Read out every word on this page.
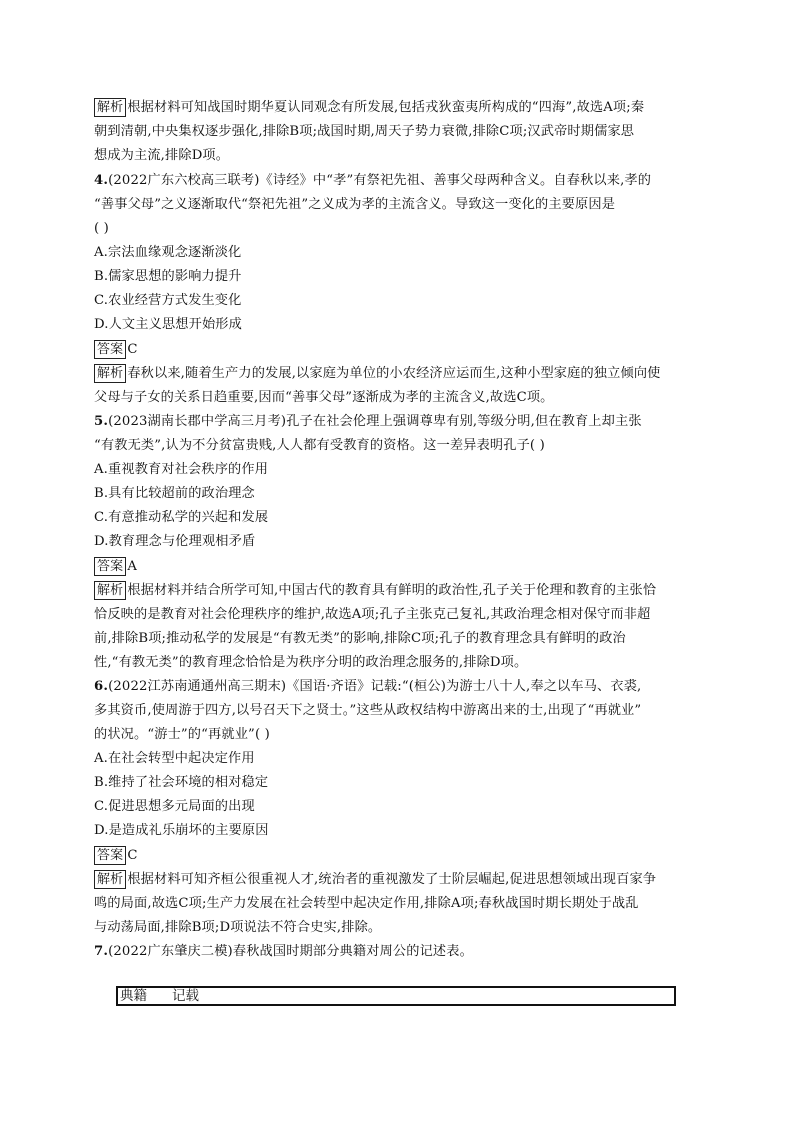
解析 根据材料可知战国时期华夏认同观念有所发展,包括戎狄蛮夷所构成的“四海”,故选A项;秦
朝到清朝,中央集权逐步强化,排除B项;战国时期,周天子势力衰微,排除C项;汉武帝时期儒家思
想成为主流,排除D项。
4.(2022广东六校高三联考)《诗经》中“孝”有祭祀先祖、善事父母两种含义。自春秋以来,孝的
“善事父母”之义逐渐取代“祭祀先祖”之义成为孝的主流含义。导致这一变化的主要原因是
( )
A.宗法血缘观念逐渐淡化
B.儒家思想的影响力提升
C.农业经营方式发生变化
D.人文主义思想开始形成
答案 C
解析 春秋以来,随着生产力的发展,以家庭为单位的小农经济应运而生,这种小型家庭的独立倾向使
父母与子女的关系日趋重要,因而“善事父母”逐渐成为孝的主流含义,故选C项。
5.(2023湖南长郡中学高三月考)孔子在社会伦理上强调尊卑有别,等级分明,但在教育上却主张
“有教无类”,认为不分贫富贵贱,人人都有受教育的资格。这一差异表明孔子( )
A.重视教育对社会秩序的作用
B.具有比较超前的政治理念
C.有意推动私学的兴起和发展
D.教育理念与伦理观相矛盾
答案 A
解析 根据材料并结合所学可知,中国古代的教育具有鲜明的政治性,孔子关于伦理和教育的主张恰
恰反映的是教育对社会伦理秩序的维护,故选A项;孔子主张克己复礼,其政治理念相对保守而非超
前,排除B项;推动私学的发展是“有教无类”的影响,排除C项;孔子的教育理念具有鲜明的政治
性,“有教无类”的教育理念恰恰是为秩序分明的政治理念服务的,排除D项。
6.(2022江苏南通通州高三期末)《国语·齐语》记载:“(桓公)为游士八十人,奉之以车马、衣裘,
多其资币,使周游于四方,以号召天下之贤士。”这些从政权结构中游离出来的士,出现了“再就业”
的状况。“游士”的“再就业”( )
A.在社会转型中起决定作用
B.维持了社会环境的相对稳定
C.促进思想多元局面的出现
D.是造成礼乐崩坏的主要原因
答案 C
解析 根据材料可知齐桓公很重视人才,统治者的重视激发了士阶层崛起,促进思想领域出现百家争
鸣的局面,故选C项;生产力发展在社会转型中起决定作用,排除A项;春秋战国时期长期处于战乱
与动荡局面,排除B项;D项说法不符合史实,排除。
7.(2022广东肇庆二模)春秋战国时期部分典籍对周公的记述表。
典籍 记载
